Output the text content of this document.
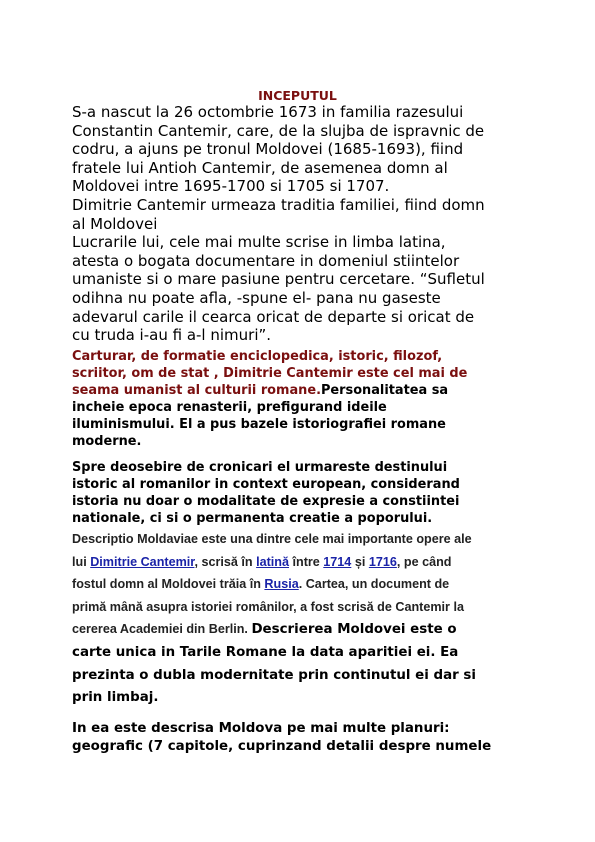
INCEPUTUL
S-a nascut la 26 octombrie 1673 in familia razesului
Constantin Cantemir, care, de la slujba de ispravnic de
codru, a ajuns pe tronul Moldovei (1685-1693), fiind
fratele lui Antioh Cantemir, de asemenea domn al
Moldovei intre 1695-1700 si 1705 si 1707.
Dimitrie Cantemir urmeaza traditia familiei, fiind domn
al Moldovei
Lucrarile lui, cele mai multe scrise in limba latina,
atesta o bogata documentare in domeniul stiintelor
umaniste si o mare pasiune pentru cercetare. “Sufletul
odihna nu poate afla, -spune el- pana nu gaseste
adevarul carile il cearca oricat de departe si oricat de
cu truda i-au fi a-l nimuri”.
Carturar, de formatie enciclopedica, istoric, filozof,
scriitor, om de stat , Dimitrie Cantemir este cel mai de
seama umanist al culturii romane.Personalitatea sa
incheie epoca renasterii, prefigurand ideile
iluminismului. El a pus bazele istoriografiei romane
moderne.
Spre deosebire de cronicari el urmareste destinului
istoric al romanilor in context european, considerand
istoria nu doar o modalitate de expresie a constiintei
nationale, ci si o permanenta creatie a poporului.
Descriptio Moldaviae este una dintre cele mai importante opere ale
lui Dimitrie Cantemir, scrisă în latină între 1714 și 1716, pe când
fostul domn al Moldovei trăia în Rusia. Cartea, un document de
primă mână asupra istoriei românilor, a fost scrisă de Cantemir la
cererea Academiei din Berlin. Descrierea Moldovei este o
carte unica in Tarile Romane la data aparitiei ei. Ea
prezinta o dubla modernitate prin continutul ei dar si
prin limbaj.
In ea este descrisa Moldova pe mai multe planuri:
geografic (7 capitole, cuprinzand detalii despre numele
